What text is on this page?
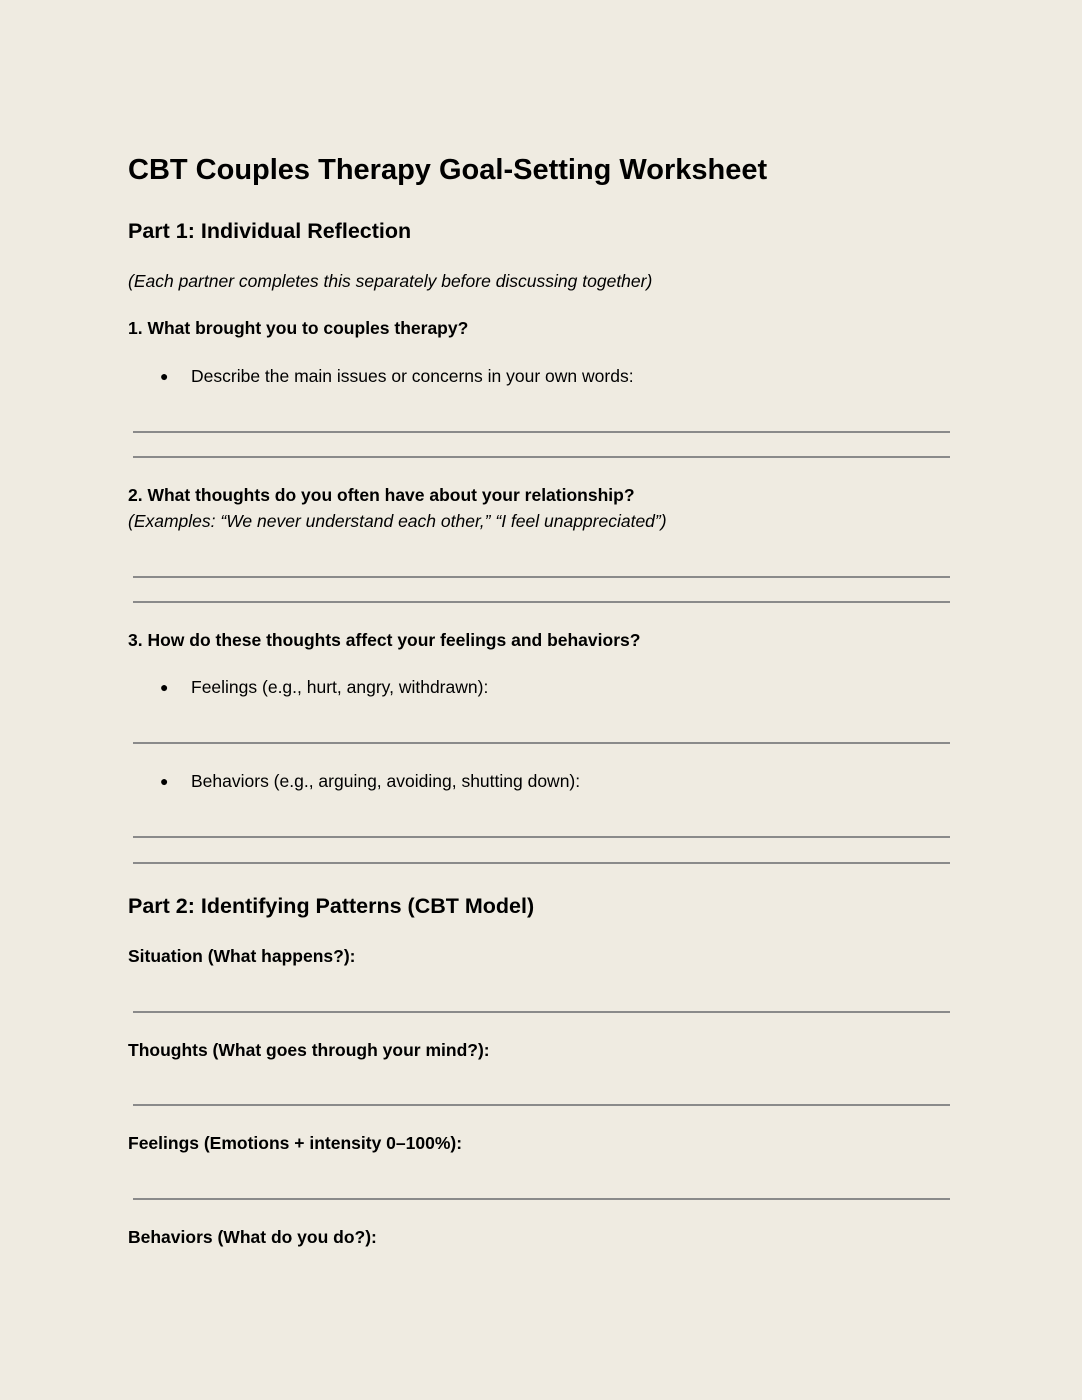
CBT Couples Therapy Goal-Setting Worksheet
Part 1: Individual Reflection
(Each partner completes this separately before discussing together)
1. What brought you to couples therapy?
● Describe the main issues or concerns in your own words:
2. What thoughts do you often have about your relationship?
(Examples: “We never understand each other,” “I feel unappreciated”)
3. How do these thoughts affect your feelings and behaviors?
● Feelings (e.g., hurt, angry, withdrawn):
● Behaviors (e.g., arguing, avoiding, shutting down):
Part 2: Identifying Patterns (CBT Model)
Situation (What happens?):
Thoughts (What goes through your mind?):
Feelings (Emotions + intensity 0–100%):
Behaviors (What do you do?):
